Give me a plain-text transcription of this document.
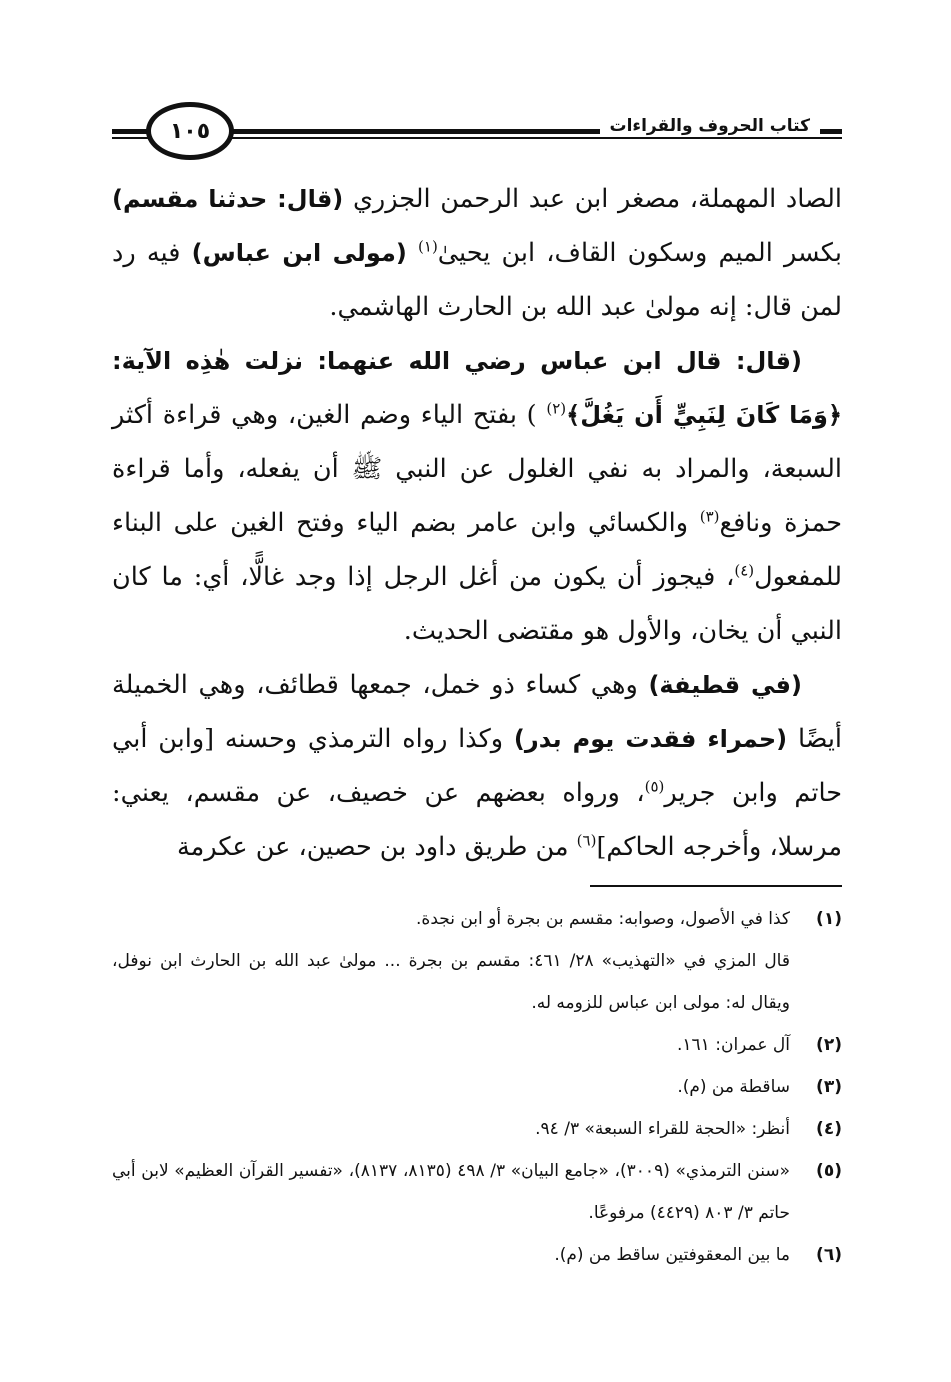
كتاب الحروف والقراءات
١٠٥

الصاد المهملة، مصغر ابن عبد الرحمن الجزري (قال: حدثنا مقسم) بكسر الميم وسكون القاف، ابن يحيىٰ$^{(١)}$ (مولى ابن عباس) فيه رد لمن قال: إنه مولىٰ عبد الله بن الحارث الهاشمي.

(قال: قال ابن عباس رضي الله عنهما: نزلت هٰذِه الآية: ﴿وَمَا كَانَ لِنَبِيٍّ أَن يَغُلَّ﴾$^{(٢)}$ ) بفتح الياء وضم الغين، وهي قراءة أكثر السبعة، والمراد به نفي الغلول عن النبي ﷺ أن يفعله، وأما قراءة حمزة ونافع$^{(٣)}$ والكسائي وابن عامر بضم الياء وفتح الغين على البناء للمفعول$^{(٤)}$، فيجوز أن يكون من أغل الرجل إذا وجد غالًّا، أي: ما كان النبي أن يخان، والأول هو مقتضى الحديث.

(في قطيفة) وهي كساء ذو خمل، جمعها قطائف، وهي الخميلة أيضًا (حمراء فقدت يوم بدر) وكذا رواه الترمذي وحسنه [وابن أبي حاتم وابن جرير$^{(٥)}$، ورواه بعضهم عن خصيف، عن مقسم، يعني: مرسلا، وأخرجه الحاكم]$^{(٦)}$ من طريق داود بن حصين، عن عكرمة

(١)
كذا في الأصول، وصوابه: مقسم بن بجرة أو ابن نجدة.
قال المزي في «التهذيب» ٢٨/ ٤٦١: مقسم بن بجرة ... مولىٰ عبد الله بن الحارث ابن نوفل، ويقال له: مولى ابن عباس للزومه له.
(٢)
آل عمران: ١٦١.
(٣)
ساقطة من (م).
(٤)
أنظر: «الحجة للقراء السبعة» ٣/ ٩٤.
(٥)
«سنن الترمذي» (٣٠٠٩)، «جامع البيان» ٣/ ٤٩٨ (٨١٣٥، ٨١٣٧)، «تفسير القرآن العظيم» لابن أبي حاتم ٣/ ٨٠٣ (٤٤٢٩) مرفوعًا.
(٦)
ما بين المعقوفتين ساقط من (م).
